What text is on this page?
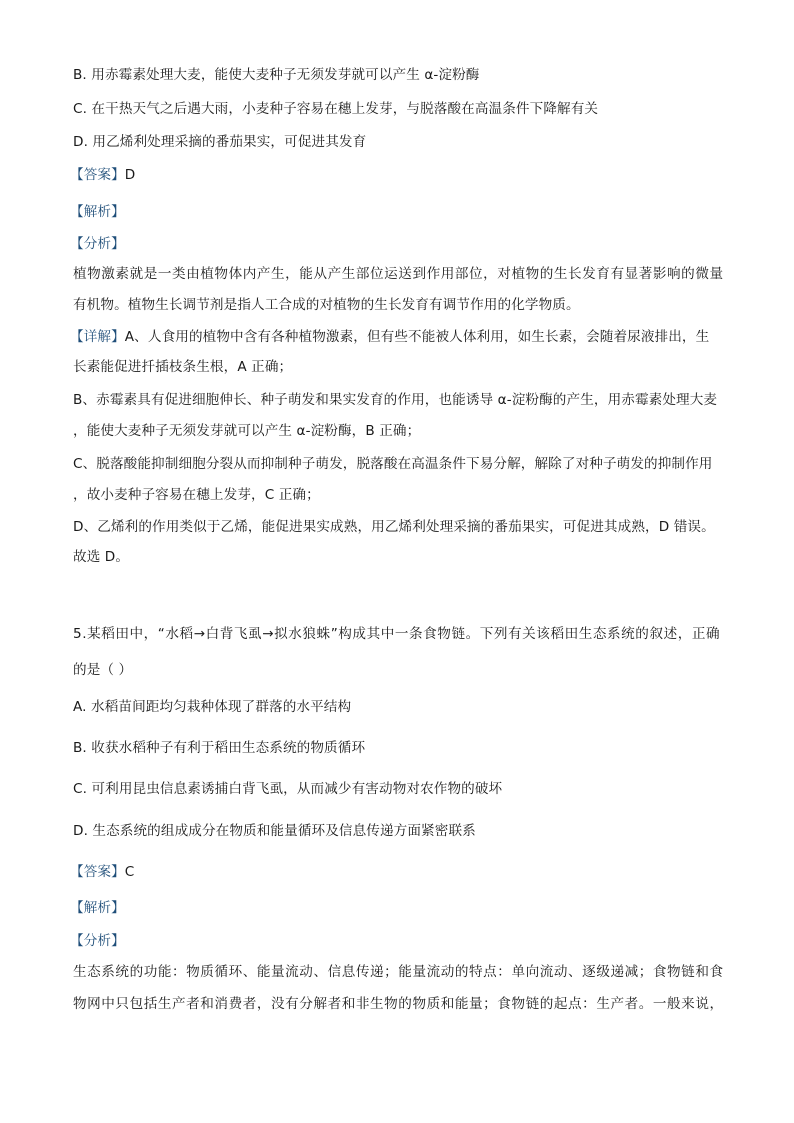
B. 用赤霉素处理大麦，能使大麦种子无须发芽就可以产生 α-淀粉酶
C. 在干热天气之后遇大雨，小麦种子容易在穗上发芽，与脱落酸在高温条件下降解有关
D. 用乙烯利处理采摘的番茄果实，可促进其发育
【答案】D
【解析】
【分析】
植物激素就是一类由植物体内产生，能从产生部位运送到作用部位，对植物的生长发育有显著影响的微量
有机物。植物生长调节剂是指人工合成的对植物的生长发育有调节作用的化学物质。
【详解】A、人食用的植物中含有各种植物激素，但有些不能被人体利用，如生长素，会随着尿液排出，生
长素能促进扦插枝条生根，A 正确；
B、赤霉素具有促进细胞伸长、种子萌发和果实发育的作用，也能诱导 α-淀粉酶的产生，用赤霉素处理大麦
，能使大麦种子无须发芽就可以产生 α-淀粉酶，B 正确；
C、脱落酸能抑制细胞分裂从而抑制种子萌发，脱落酸在高温条件下易分解，解除了对种子萌发的抑制作用
，故小麦种子容易在穗上发芽，C 正确；
D、乙烯利的作用类似于乙烯，能促进果实成熟，用乙烯利处理采摘的番茄果实，可促进其成熟，D 错误。
故选 D。
5.某稻田中，“水稻→白背飞虱→拟水狼蛛”构成其中一条食物链。下列有关该稻田生态系统的叙述，正确
的是（ ）
A. 水稻苗间距均匀栽种体现了群落的水平结构
B. 收获水稻种子有利于稻田生态系统的物质循环
C. 可利用昆虫信息素诱捕白背飞虱，从而减少有害动物对农作物的破坏
D. 生态系统的组成成分在物质和能量循环及信息传递方面紧密联系
【答案】C
【解析】
【分析】
生态系统的功能：物质循环、能量流动、信息传递；能量流动的特点：单向流动、逐级递减；食物链和食
物网中只包括生产者和消费者，没有分解者和非生物的物质和能量；食物链的起点：生产者。一般来说，
